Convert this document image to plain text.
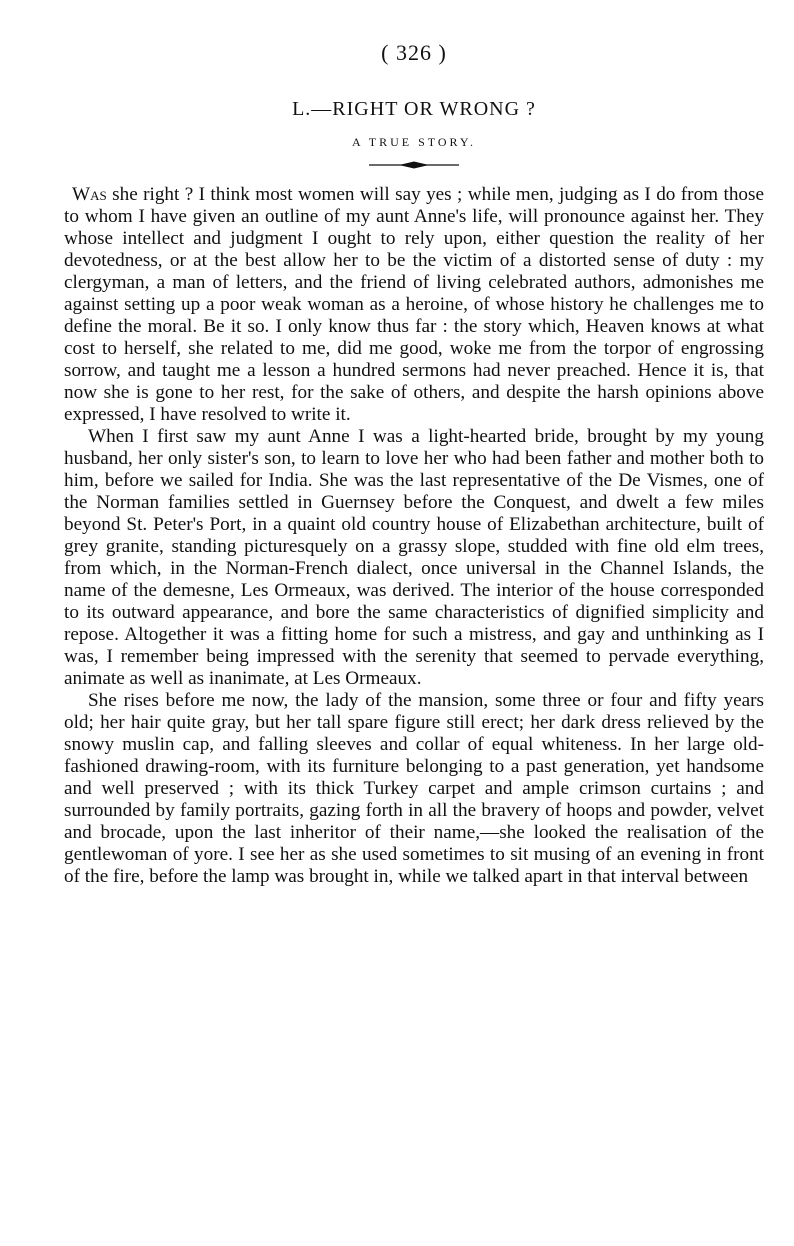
( 326 )
L.—RIGHT OR WRONG ?
A TRUE STORY.

Was she right ? I think most women will say yes ; while men, judging as I do from those to whom I have given an outline of my aunt Anne's life, will pronounce against her. They whose intellect and judgment I ought to rely upon, either question the reality of her devotedness, or at the best allow her to be the victim of a distorted sense of duty : my clergyman, a man of letters, and the friend of living celebrated authors, admonishes me against setting up a poor weak woman as a heroine, of whose history he challenges me to define the moral. Be it so. I only know thus far : the story which, Heaven knows at what cost to herself, she related to me, did me good, woke me from the torpor of engrossing sorrow, and taught me a lesson a hundred sermons had never preached. Hence it is, that now she is gone to her rest, for the sake of others, and despite the harsh opinions above expressed, I have resolved to write it.

When I first saw my aunt Anne I was a light-hearted bride, brought by my young husband, her only sister's son, to learn to love her who had been father and mother both to him, before we sailed for India. She was the last representative of the De Vismes, one of the Norman families settled in Guernsey before the Conquest, and dwelt a few miles beyond St. Peter's Port, in a quaint old country house of Elizabethan architecture, built of grey granite, standing picturesquely on a grassy slope, studded with fine old elm trees, from which, in the Norman-French dialect, once universal in the Channel Islands, the name of the demesne, Les Ormeaux, was derived. The interior of the house corresponded to its outward appearance, and bore the same characteristics of dignified simplicity and repose. Altogether it was a fitting home for such a mistress, and gay and unthinking as I was, I remember being impressed with the serenity that seemed to pervade everything, animate as well as inanimate, at Les Ormeaux.

She rises before me now, the lady of the mansion, some three or four and fifty years old; her hair quite gray, but her tall spare figure still erect; her dark dress relieved by the snowy muslin cap, and falling sleeves and collar of equal whiteness. In her large old-fashioned drawing-room, with its furniture belonging to a past generation, yet handsome and well preserved ; with its thick Turkey carpet and ample crimson curtains ; and surrounded by family portraits, gazing forth in all the bravery of hoops and powder, velvet and brocade, upon the last inheritor of their name,—she looked the realisation of the gentlewoman of yore. I see her as she used sometimes to sit musing of an evening in front of the fire, before the lamp was brought in, while we talked apart in that interval between
